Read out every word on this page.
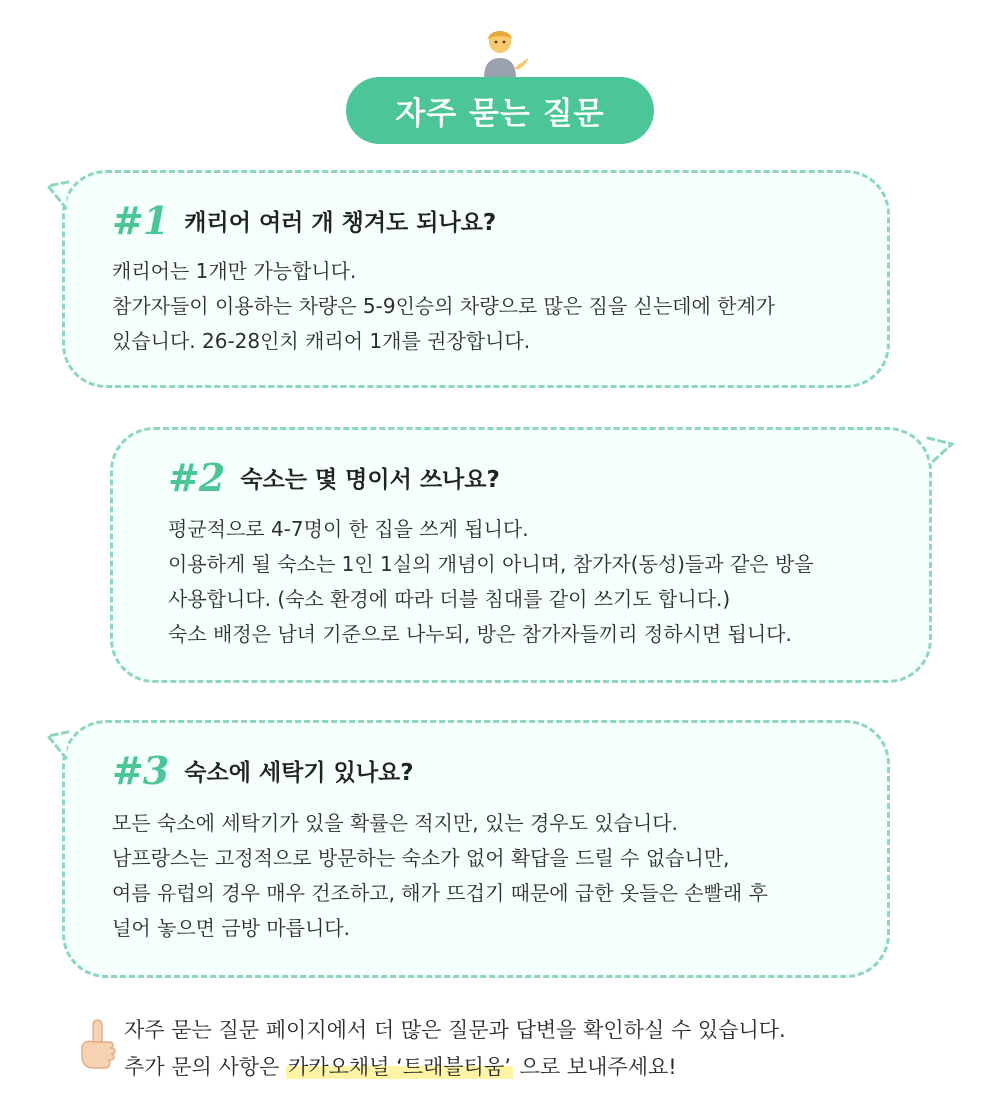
자주 묻는 질문
#1 캐리어 여러 개 챙겨도 되나요?
캐리어는 1개만 가능합니다.
참가자들이 이용하는 차량은 5-9인승의 차량으로 많은 짐을 싣는데에 한계가
있습니다. 26-28인치 캐리어 1개를 권장합니다.
#2 숙소는 몇 명이서 쓰나요?
평균적으로 4-7명이 한 집을 쓰게 됩니다.
이용하게 될 숙소는 1인 1실의 개념이 아니며, 참가자(동성)들과 같은 방을
사용합니다. (숙소 환경에 따라 더블 침대를 같이 쓰기도 합니다.)
숙소 배정은 남녀 기준으로 나누되, 방은 참가자들끼리 정하시면 됩니다.
#3 숙소에 세탁기 있나요?
모든 숙소에 세탁기가 있을 확률은 적지만, 있는 경우도 있습니다.
남프랑스는 고정적으로 방문하는 숙소가 없어 확답을 드릴 수 없습니만,
여름 유럽의 경우 매우 건조하고, 해가 뜨겁기 때문에 급한 옷들은 손빨래 후
널어 놓으면 금방 마릅니다.
자주 묻는 질문 페이지에서 더 많은 질문과 답변을 확인하실 수 있습니다.
추가 문의 사항은 카카오채널 ‘트래블티움’ 으로 보내주세요!
